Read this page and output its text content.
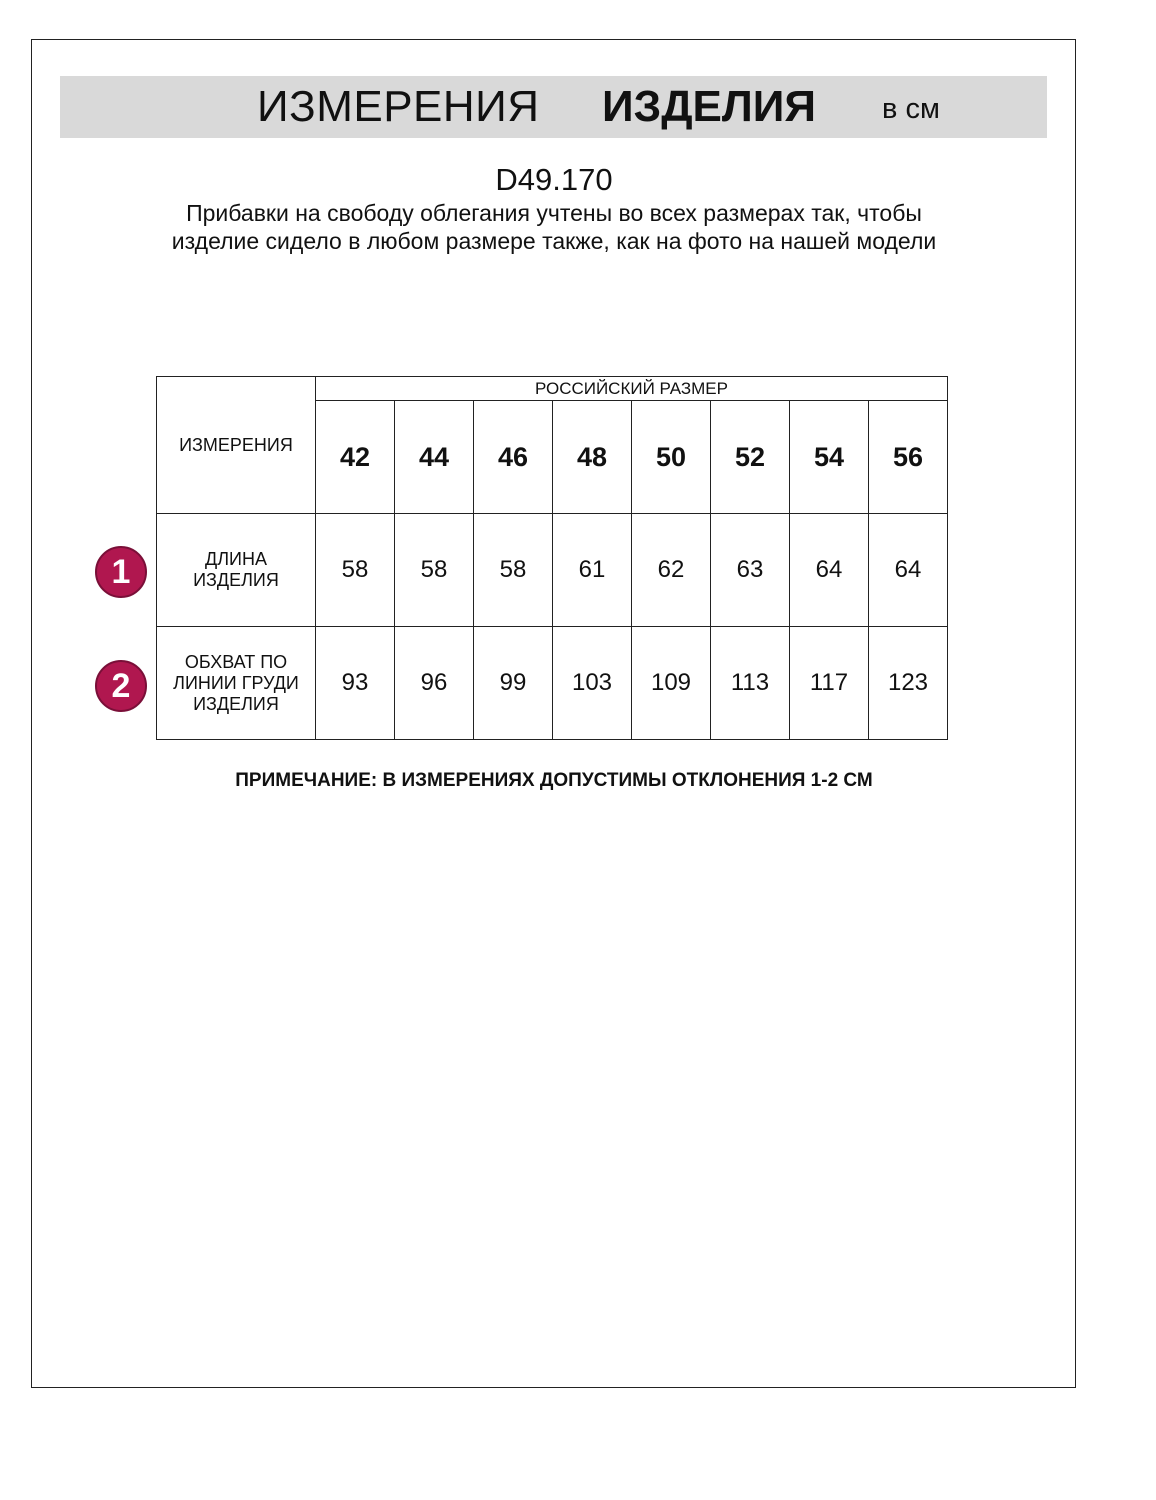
ИЗМЕРЕНИЯ ИЗДЕЛИЯ в см
D49.170
Прибавки на свободу облегания учтены во всех размерах так, чтобы изделие сидело в любом размере также, как на фото на нашей модели
1
2
ИЗМЕРЕНИЯ	РОССИЙСКИЙ РАЗМЕР							
	42	44	46	48	50	52	54	56
ДЛИНА ИЗДЕЛИЯ	58	58	58	61	62	63	64	64
ОБХВАТ ПО ЛИНИИ ГРУДИ ИЗДЕЛИЯ	93	96	99	103	109	113	117	123
ПРИМЕЧАНИЕ: В ИЗМЕРЕНИЯХ ДОПУСТИМЫ ОТКЛОНЕНИЯ 1-2 СМ
